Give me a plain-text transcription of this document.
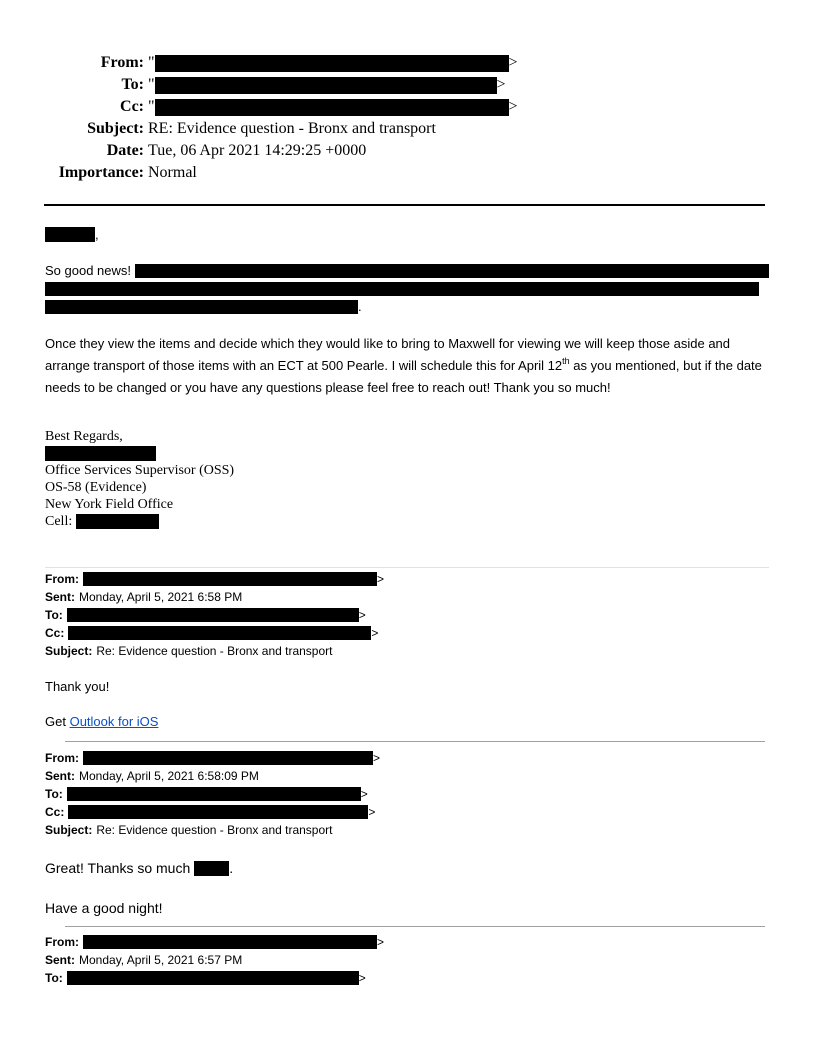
From: "	>
To: "	>
Cc: "	>
Subject: RE: Evidence question - Bronx and transport
Date: Tue, 06 Apr 2021 14:29:25 +0000
Importance: Normal
,
So good news!
.
Once they view the items and decide which they would like to bring to Maxwell for viewing we will keep those aside and arrange transport of those items with an ECT at 500 Pearle. I will schedule this for April 12th as you mentioned, but if the date needs to be changed or you have any questions please feel free to reach out! Thank you so much!
Best Regards,
Office Services Supervisor (OSS)
OS-58 (Evidence)
New York Field Office
Cell:
From:	>
Sent: Monday, April 5, 2021 6:58 PM
To:	>
Cc:	>
Subject: Re: Evidence question - Bronx and transport
Thank you!
Get Outlook for iOS
From:	>
Sent: Monday, April 5, 2021 6:58:09 PM
To:	>
Cc:	>
Subject: Re: Evidence question - Bronx and transport
Great! Thanks so much	.
Have a good night!
From:	>
Sent: Monday, April 5, 2021 6:57 PM
To:	>
